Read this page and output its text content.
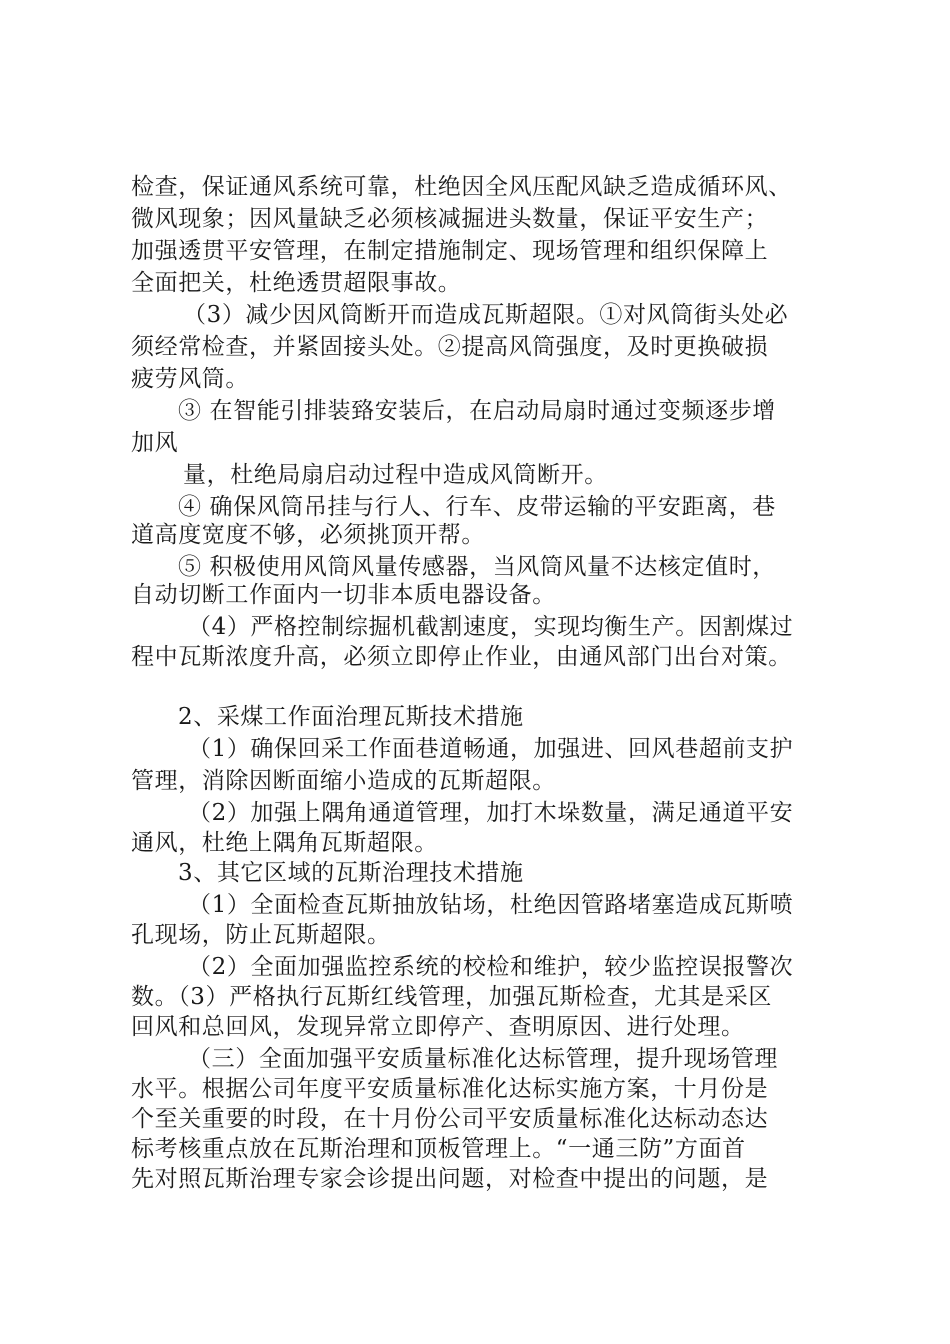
检查，保证通风系统可靠，杜绝因全风压配风缺乏造成循环风、
微风现象；因风量缺乏必须核减掘进头数量，保证平安生产；
加强透贯平安管理，在制定措施制定、现场管理和组织保障上
全面把关，杜绝透贯超限事故。
（3）减少因风筒断开而造成瓦斯超限。①对风筒街头处必
须经常检查，并紧固接头处。②提高风筒强度，及时更换破损
疲劳风筒。
③ 在智能引排装臵安装后，在启动局扇时通过变频逐步增
加风
量，杜绝局扇启动过程中造成风筒断开。
④ 确保风筒吊挂与行人、行车、皮带运输的平安距离，巷
道高度宽度不够，必须挑顶开帮。
⑤ 积极使用风筒风量传感器，当风筒风量不达核定值时，
自动切断工作面内一切非本质电器设备。
（4）严格控制综掘机截割速度，实现均衡生产。因割煤过
程中瓦斯浓度升高，必须立即停止作业，由通风部门出台对策。
2、采煤工作面治理瓦斯技术措施
（1）确保回采工作面巷道畅通，加强进、回风巷超前支护
管理，消除因断面缩小造成的瓦斯超限。
（2）加强上隅角通道管理，加打木垛数量，满足通道平安
通风，杜绝上隅角瓦斯超限。
3、其它区域的瓦斯治理技术措施
（1）全面检查瓦斯抽放钻场，杜绝因管路堵塞造成瓦斯喷
孔现场，防止瓦斯超限。
（2）全面加强监控系统的校检和维护，较少监控误报警次
数。（3）严格执行瓦斯红线管理，加强瓦斯检查，尤其是采区
回风和总回风，发现异常立即停产、查明原因、进行处理。
（三）全面加强平安质量标准化达标管理，提升现场管理
水平。根据公司年度平安质量标准化达标实施方案，十月份是
个至关重要的时段，在十月份公司平安质量标准化达标动态达
标考核重点放在瓦斯治理和顶板管理上。“一通三防”方面首
先对照瓦斯治理专家会诊提出问题，对检查中提出的问题，是
